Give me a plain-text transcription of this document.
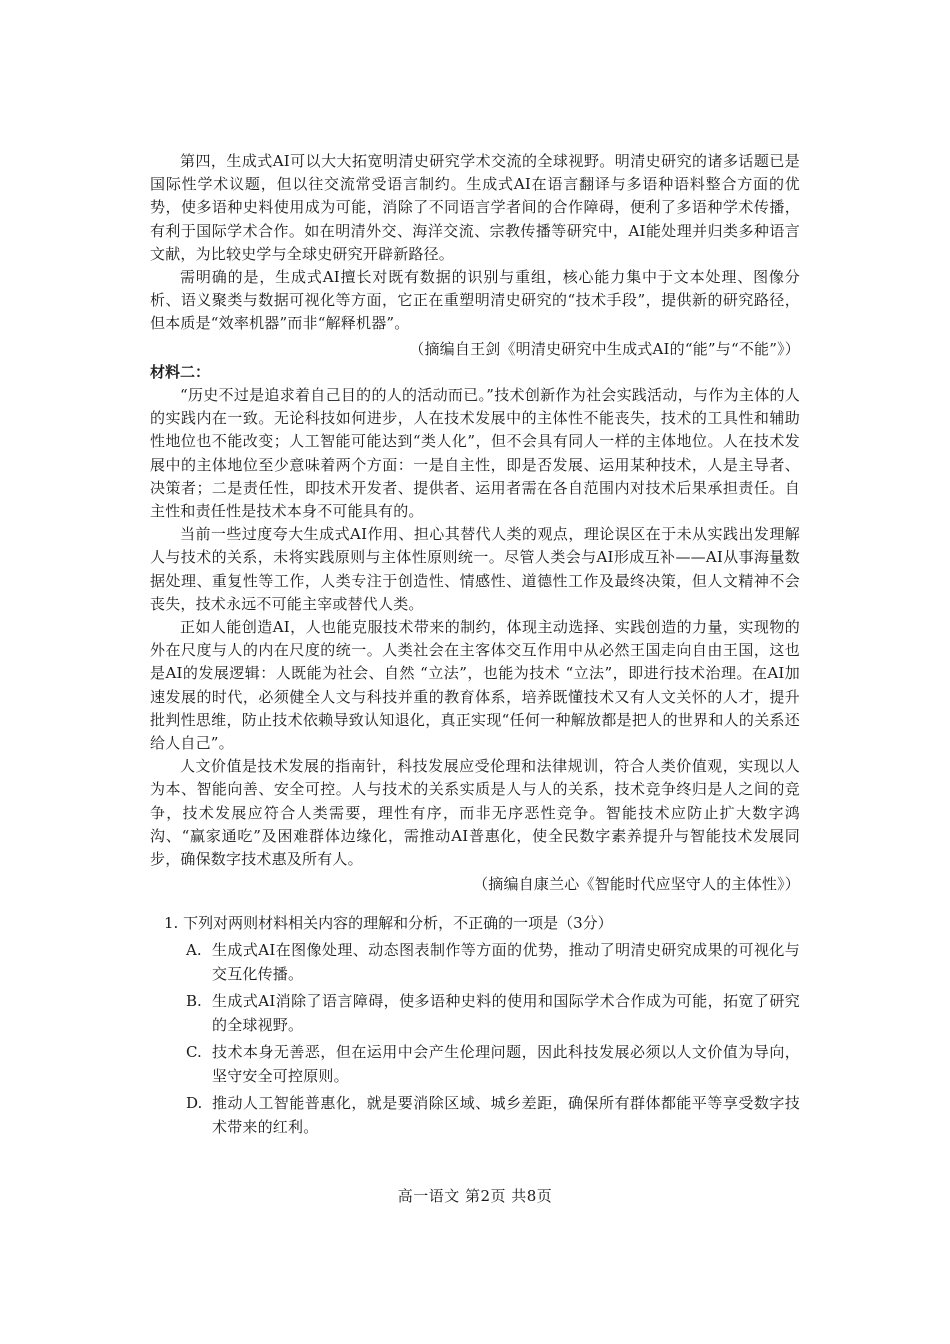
第四，生成式AI可以大大拓宽明清史研究学术交流的全球视野。明清史研究的诸多话题已是国际性学术议题，但以往交流常受语言制约。生成式AI在语言翻译与多语种语料整合方面的优势，使多语种史料使用成为可能，消除了不同语言学者间的合作障碍，便利了多语种学术传播，有利于国际学术合作。如在明清外交、海洋交流、宗教传播等研究中，AI能处理并归类多种语言文献，为比较史学与全球史研究开辟新路径。

需明确的是，生成式AI擅长对既有数据的识别与重组，核心能力集中于文本处理、图像分析、语义聚类与数据可视化等方面，它正在重塑明清史研究的“技术手段”，提供新的研究路径，但本质是“效率机器”而非“解释机器”。

（摘编自王剑《明清史研究中生成式AI的“能”与“不能”》）

材料二：

“历史不过是追求着自己目的的人的活动而已。”技术创新作为社会实践活动，与作为主体的人的实践内在一致。无论科技如何进步，人在技术发展中的主体性不能丧失，技术的工具性和辅助性地位也不能改变；人工智能可能达到“类人化”，但不会具有同人一样的主体地位。人在技术发展中的主体地位至少意味着两个方面：一是自主性，即是否发展、运用某种技术，人是主导者、决策者；二是责任性，即技术开发者、提供者、运用者需在各自范围内对技术后果承担责任。自主性和责任性是技术本身不可能具有的。

当前一些过度夸大生成式AI作用、担心其替代人类的观点，理论误区在于未从实践出发理解人与技术的关系，未将实践原则与主体性原则统一。尽管人类会与AI形成互补——AI从事海量数据处理、重复性等工作，人类专注于创造性、情感性、道德性工作及最终决策，但人文精神不会丧失，技术永远不可能主宰或替代人类。

正如人能创造AI，人也能克服技术带来的制约，体现主动选择、实践创造的力量，实现物的外在尺度与人的内在尺度的统一。人类社会在主客体交互作用中从必然王国走向自由王国，这也是AI的发展逻辑：人既能为社会、自然 “立法”，也能为技术 “立法”，即进行技术治理。在AI加速发展的时代，必须健全人文与科技并重的教育体系，培养既懂技术又有人文关怀的人才，提升批判性思维，防止技术依赖导致认知退化，真正实现“任何一种解放都是把人的世界和人的关系还给人自己”。

人文价值是技术发展的指南针，科技发展应受伦理和法律规训，符合人类价值观，实现以人为本、智能向善、安全可控。人与技术的关系实质是人与人的关系，技术竞争终归是人之间的竞争，技术发展应符合人类需要，理性有序，而非无序恶性竞争。智能技术应防止扩大数字鸿沟、“赢家通吃”及困难群体边缘化，需推动AI普惠化，使全民数字素养提升与智能技术发展同步，确保数字技术惠及所有人。

（摘编自康兰心《智能时代应坚守人的主体性》）

1. 下列对两则材料相关内容的理解和分析，不正确的一项是（3分）
A. 生成式AI在图像处理、动态图表制作等方面的优势，推动了明清史研究成果的可视化与交互化传播。
B. 生成式AI消除了语言障碍，使多语种史料的使用和国际学术合作成为可能，拓宽了研究的全球视野。
C. 技术本身无善恶，但在运用中会产生伦理问题，因此科技发展必须以人文价值为导向，坚守安全可控原则。
D. 推动人工智能普惠化，就是要消除区域、城乡差距，确保所有群体都能平等享受数字技术带来的红利。
高一语文 第2页 共8页
